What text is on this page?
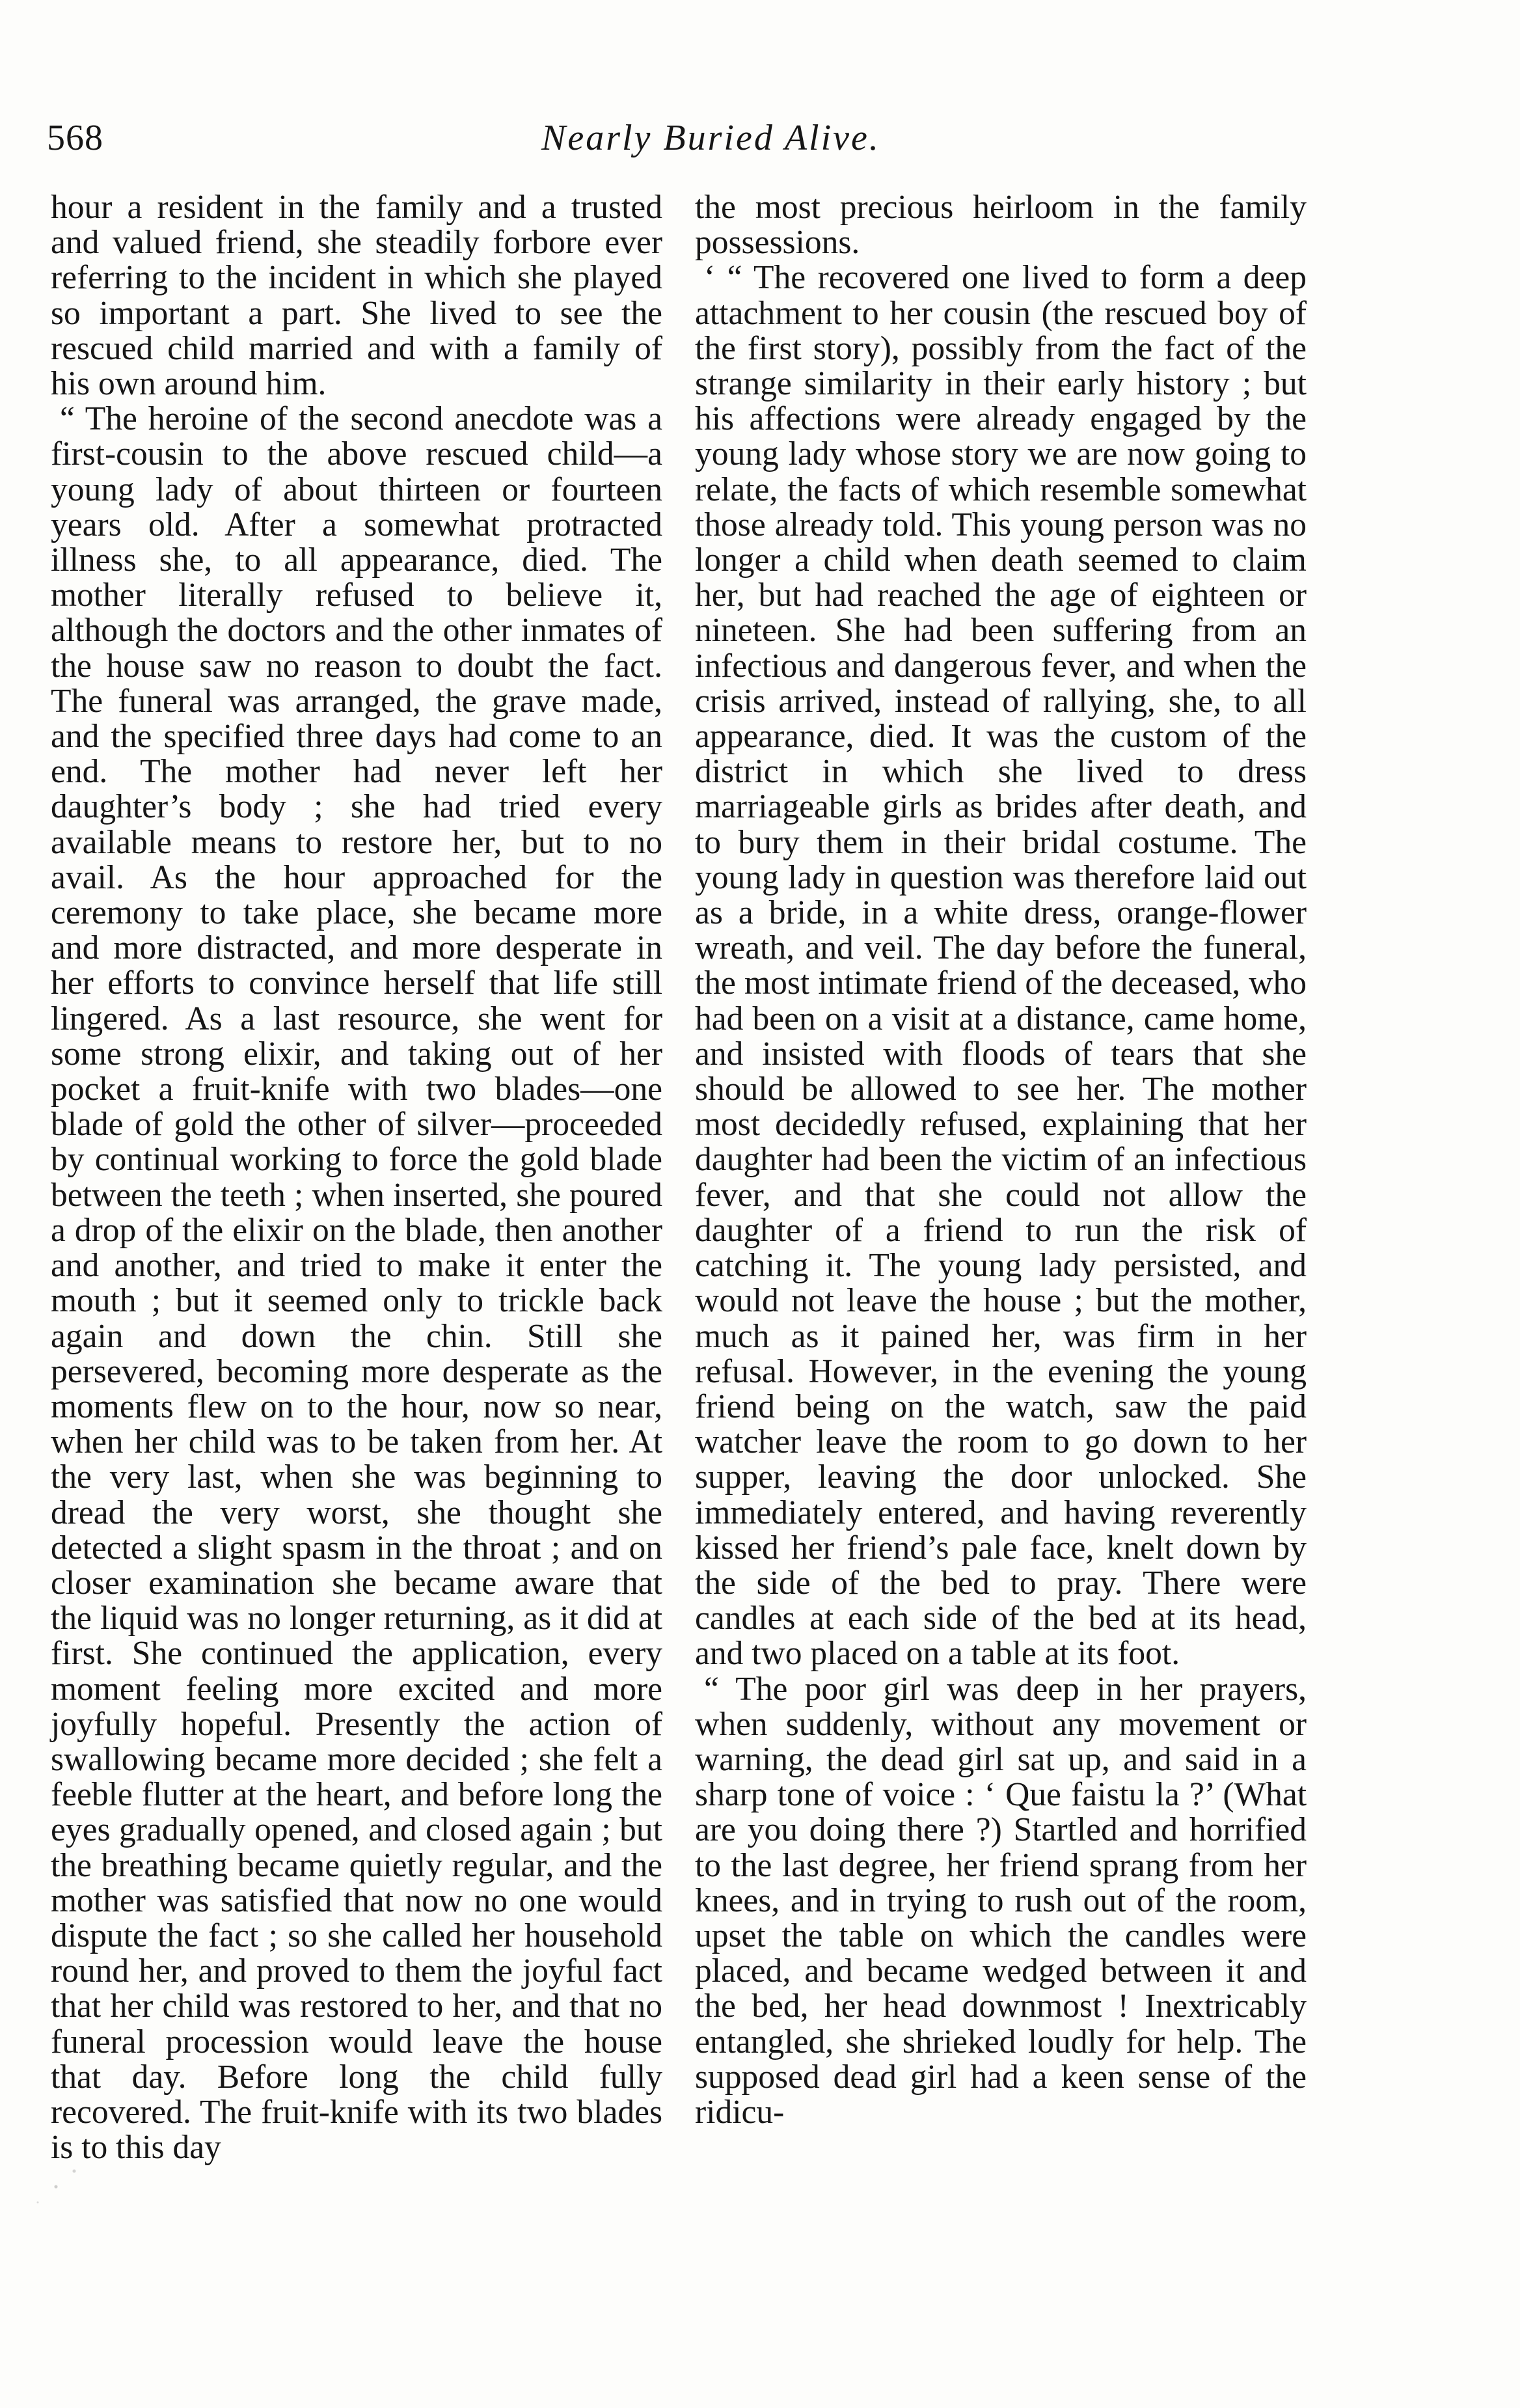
568	Nearly Buried Alive.

hour a resident in the family and a trusted and valued friend, she steadily forbore ever referring to the incident in which she played so important a part. She lived to see the rescued child married and with a family of his own around him.

“ The heroine of the second anecdote was a first-cousin to the above rescued child—a young lady of about thirteen or fourteen years old. After a somewhat protracted illness she, to all appearance, died. The mother literally refused to believe it, although the doctors and the other inmates of the house saw no reason to doubt the fact. The funeral was arranged, the grave made, and the specified three days had come to an end. The mother had never left her daughter’s body ; she had tried every available means to restore her, but to no avail. As the hour approached for the ceremony to take place, she became more and more distracted, and more desperate in her efforts to convince herself that life still lingered. As a last resource, she went for some strong elixir, and taking out of her pocket a fruit-knife with two blades—one blade of gold the other of silver—proceeded by continual working to force the gold blade between the teeth ; when inserted, she poured a drop of the elixir on the blade, then another and another, and tried to make it enter the mouth ; but it seemed only to trickle back again and down the chin. Still she persevered, becoming more desperate as the moments flew on to the hour, now so near, when her child was to be taken from her. At the very last, when she was beginning to dread the very worst, she thought she detected a slight spasm in the throat ; and on closer examination she became aware that the liquid was no longer returning, as it did at first. She continued the application, every moment feeling more excited and more joyfully hopeful. Presently the action of swallowing became more decided ; she felt a feeble flutter at the heart, and before long the eyes gradually opened, and closed again ; but the breathing became quietly regular, and the mother was satisfied that now no one would dispute the fact ; so she called her household round her, and proved to them the joyful fact that her child was restored to her, and that no funeral procession would leave the house that day. Before long the child fully recovered. The fruit-knife with its two blades is to this day

the most precious heirloom in the family possessions.

‘ “ The recovered one lived to form a deep attachment to her cousin (the rescued boy of the first story), possibly from the fact of the strange similarity in their early history ; but his affections were already engaged by the young lady whose story we are now going to relate, the facts of which resemble somewhat those already told. This young person was no longer a child when death seemed to claim her, but had reached the age of eighteen or nineteen. She had been suffering from an infectious and dangerous fever, and when the crisis arrived, instead of rallying, she, to all appearance, died. It was the custom of the district in which she lived to dress marriageable girls as brides after death, and to bury them in their bridal costume. The young lady in question was therefore laid out as a bride, in a white dress, orange-flower wreath, and veil. The day before the funeral, the most intimate friend of the deceased, who had been on a visit at a distance, came home, and insisted with floods of tears that she should be allowed to see her. The mother most decidedly refused, explaining that her daughter had been the victim of an infectious fever, and that she could not allow the daughter of a friend to run the risk of catching it. The young lady persisted, and would not leave the house ; but the mother, much as it pained her, was firm in her refusal. However, in the evening the young friend being on the watch, saw the paid watcher leave the room to go down to her supper, leaving the door unlocked. She immediately entered, and having reverently kissed her friend’s pale face, knelt down by the side of the bed to pray. There were candles at each side of the bed at its head, and two placed on a table at its foot.

“ The poor girl was deep in her prayers, when suddenly, without any movement or warning, the dead girl sat up, and said in a sharp tone of voice : ‘ Que faistu la ?’ (What are you doing there ?) Startled and horrified to the last degree, her friend sprang from her knees, and in trying to rush out of the room, upset the table on which the candles were placed, and became wedged between it and the bed, her head downmost ! Inextricably entangled, she shrieked loudly for help. The supposed dead girl had a keen sense of the ridicu-
